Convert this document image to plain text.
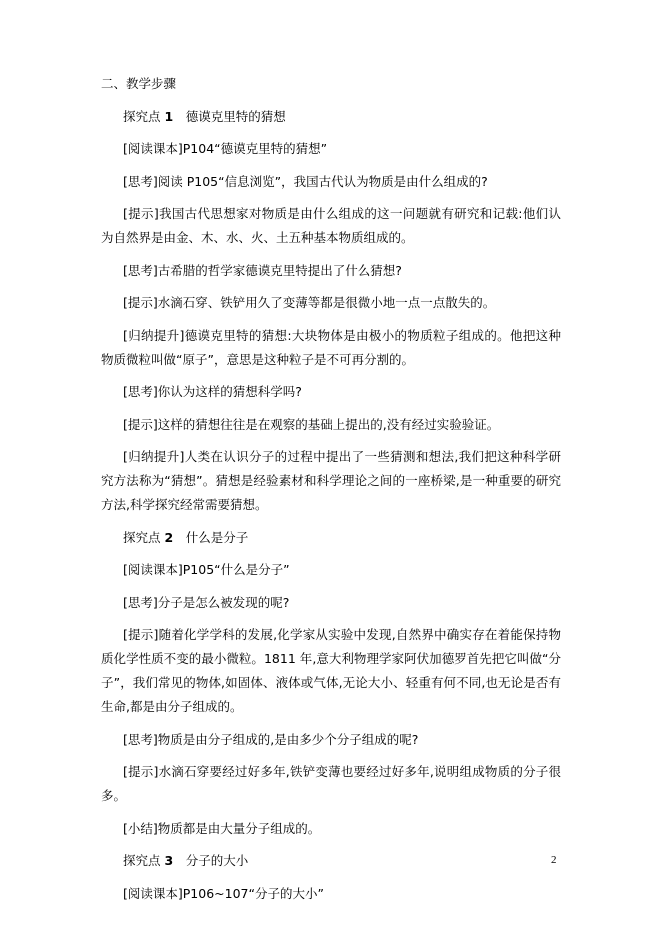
二、教学步骤
探究点 1  德谟克里特的猜想
[阅读课本]P104“德谟克里特的猜想”
[思考]阅读 P105“信息浏览”，我国古代认为物质是由什么组成的?
[提示]我国古代思想家对物质是由什么组成的这一问题就有研究和记载:他们认为自然界是由金、木、水、火、土五种基本物质组成的。
[思考]古希腊的哲学家德谟克里特提出了什么猜想?
[提示]水滴石穿、铁铲用久了变薄等都是很微小地一点一点散失的。
[归纳提升]德谟克里特的猜想:大块物体是由极小的物质粒子组成的。他把这种物质微粒叫做“原子”，意思是这种粒子是不可再分割的。
[思考]你认为这样的猜想科学吗?
[提示]这样的猜想往往是在观察的基础上提出的,没有经过实验验证。
[归纳提升]人类在认识分子的过程中提出了一些猜测和想法,我们把这种科学研究方法称为“猜想”。猜想是经验素材和科学理论之间的一座桥梁,是一种重要的研究方法,科学探究经常需要猜想。
探究点 2  什么是分子
[阅读课本]P105“什么是分子”
[思考]分子是怎么被发现的呢?
[提示]随着化学学科的发展,化学家从实验中发现,自然界中确实存在着能保持物质化学性质不变的最小微粒。1811 年,意大利物理学家阿伏加德罗首先把它叫做“分子”，我们常见的物体,如固体、液体或气体,无论大小、轻重有何不同,也无论是否有生命,都是由分子组成的。
[思考]物质是由分子组成的,是由多少个分子组成的呢?
[提示]水滴石穿要经过好多年,铁铲变薄也要经过好多年,说明组成物质的分子很多。
[小结]物质都是由大量分子组成的。
探究点 3  分子的大小
[阅读课本]P106~107“分子的大小”
2
